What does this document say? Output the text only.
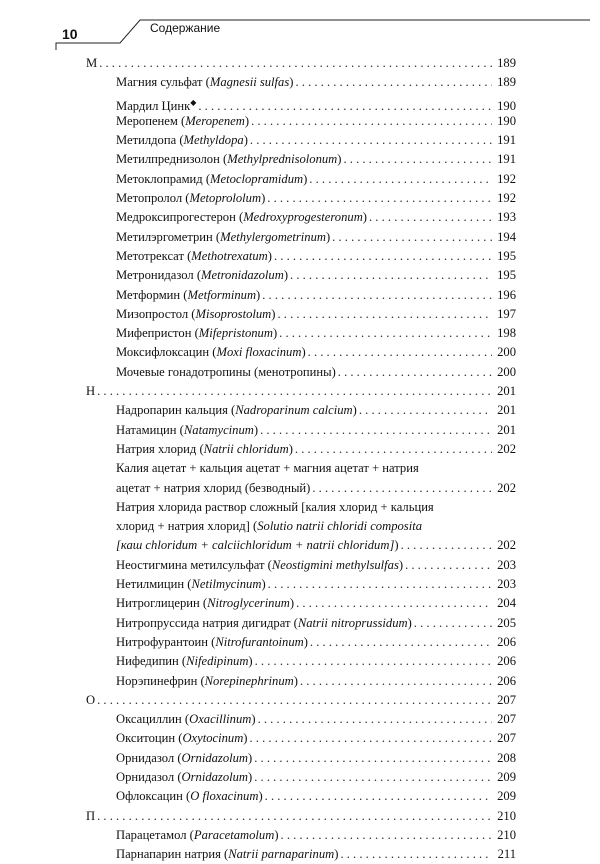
10	Содержание
М . . .	189
Магния сульфат (Magnesii sulfas) . . .	189
Мардил Цинк◆ . . .	190
Меропенем (Meropenem) . . .	190
Метилдопа (Methyldopa) . . .	191
Метилпреднизолон (Methylprednisolonum) . . .	191
Метоклопрамид (Metoclopramidum) . . .	192
Метопролол (Metoprololum) . . .	192
Медроксипрогестерон (Medroxyprogesteronum) . . .	193
Метилэргометрин (Methylergometrinum) . . .	194
Метотрексат (Methotrexatum) . . .	195
Метронидазол (Metronidazolum) . . .	195
Метформин (Metforminum) . . .	196
Мизопростол (Misoprostolum) . . .	197
Мифепристон (Mifepristonum) . . .	198
Моксифлоксацин (Moxi floxacinum) . . .	200
Мочевые гонадотропины (менотропины) . . .	200
Н . . .	201
Надропарин кальция (Nadroparinum calcium) . . .	201
Натамицин (Natamycinum) . . .	201
Натрия хлорид (Natrii chloridum) . . .	202
Калия ацетат + кальция ацетат + магния ацетат + натрия
ацетат + натрия хлорид (безводный) . . .	202
Натрия хлорида раствор сложный [калия хлорид + кальция
хлорид + натрия хлорид] (Solutio natrii chloridi composita
[каш chloridum + calciichloridum + natrii chloridum]) . . .	202
Неостигмина метилсульфат (Neostigmini methylsulfas) . . .	203
Нетилмицин (Netilmycinum) . . .	203
Нитроглицерин (Nitroglycerinum) . . .	204
Нитропруссида натрия дигидрат (Natrii nitroprussidum) . . .	205
Нитрофурантоин (Nitrofurantoinum) . . .	206
Нифедипин (Nifedipinum) . . .	206
Норэпинефрин (Norepinephrinum) . . .	206
О . . .	207
Оксациллин (Oxacillinum) . . .	207
Окситоцин (Oxytocinum) . . .	207
Орнидазол (Ornidazolum) . . .	208
Орнидазол (Ornidazolum) . . .	209
Офлоксацин (O floxacinum) . . .	209
П . . .	210
Парацетамол (Paracetamolum) . . .	210
Парнапарин натрия (Natrii parnaparinum) . . .	211
